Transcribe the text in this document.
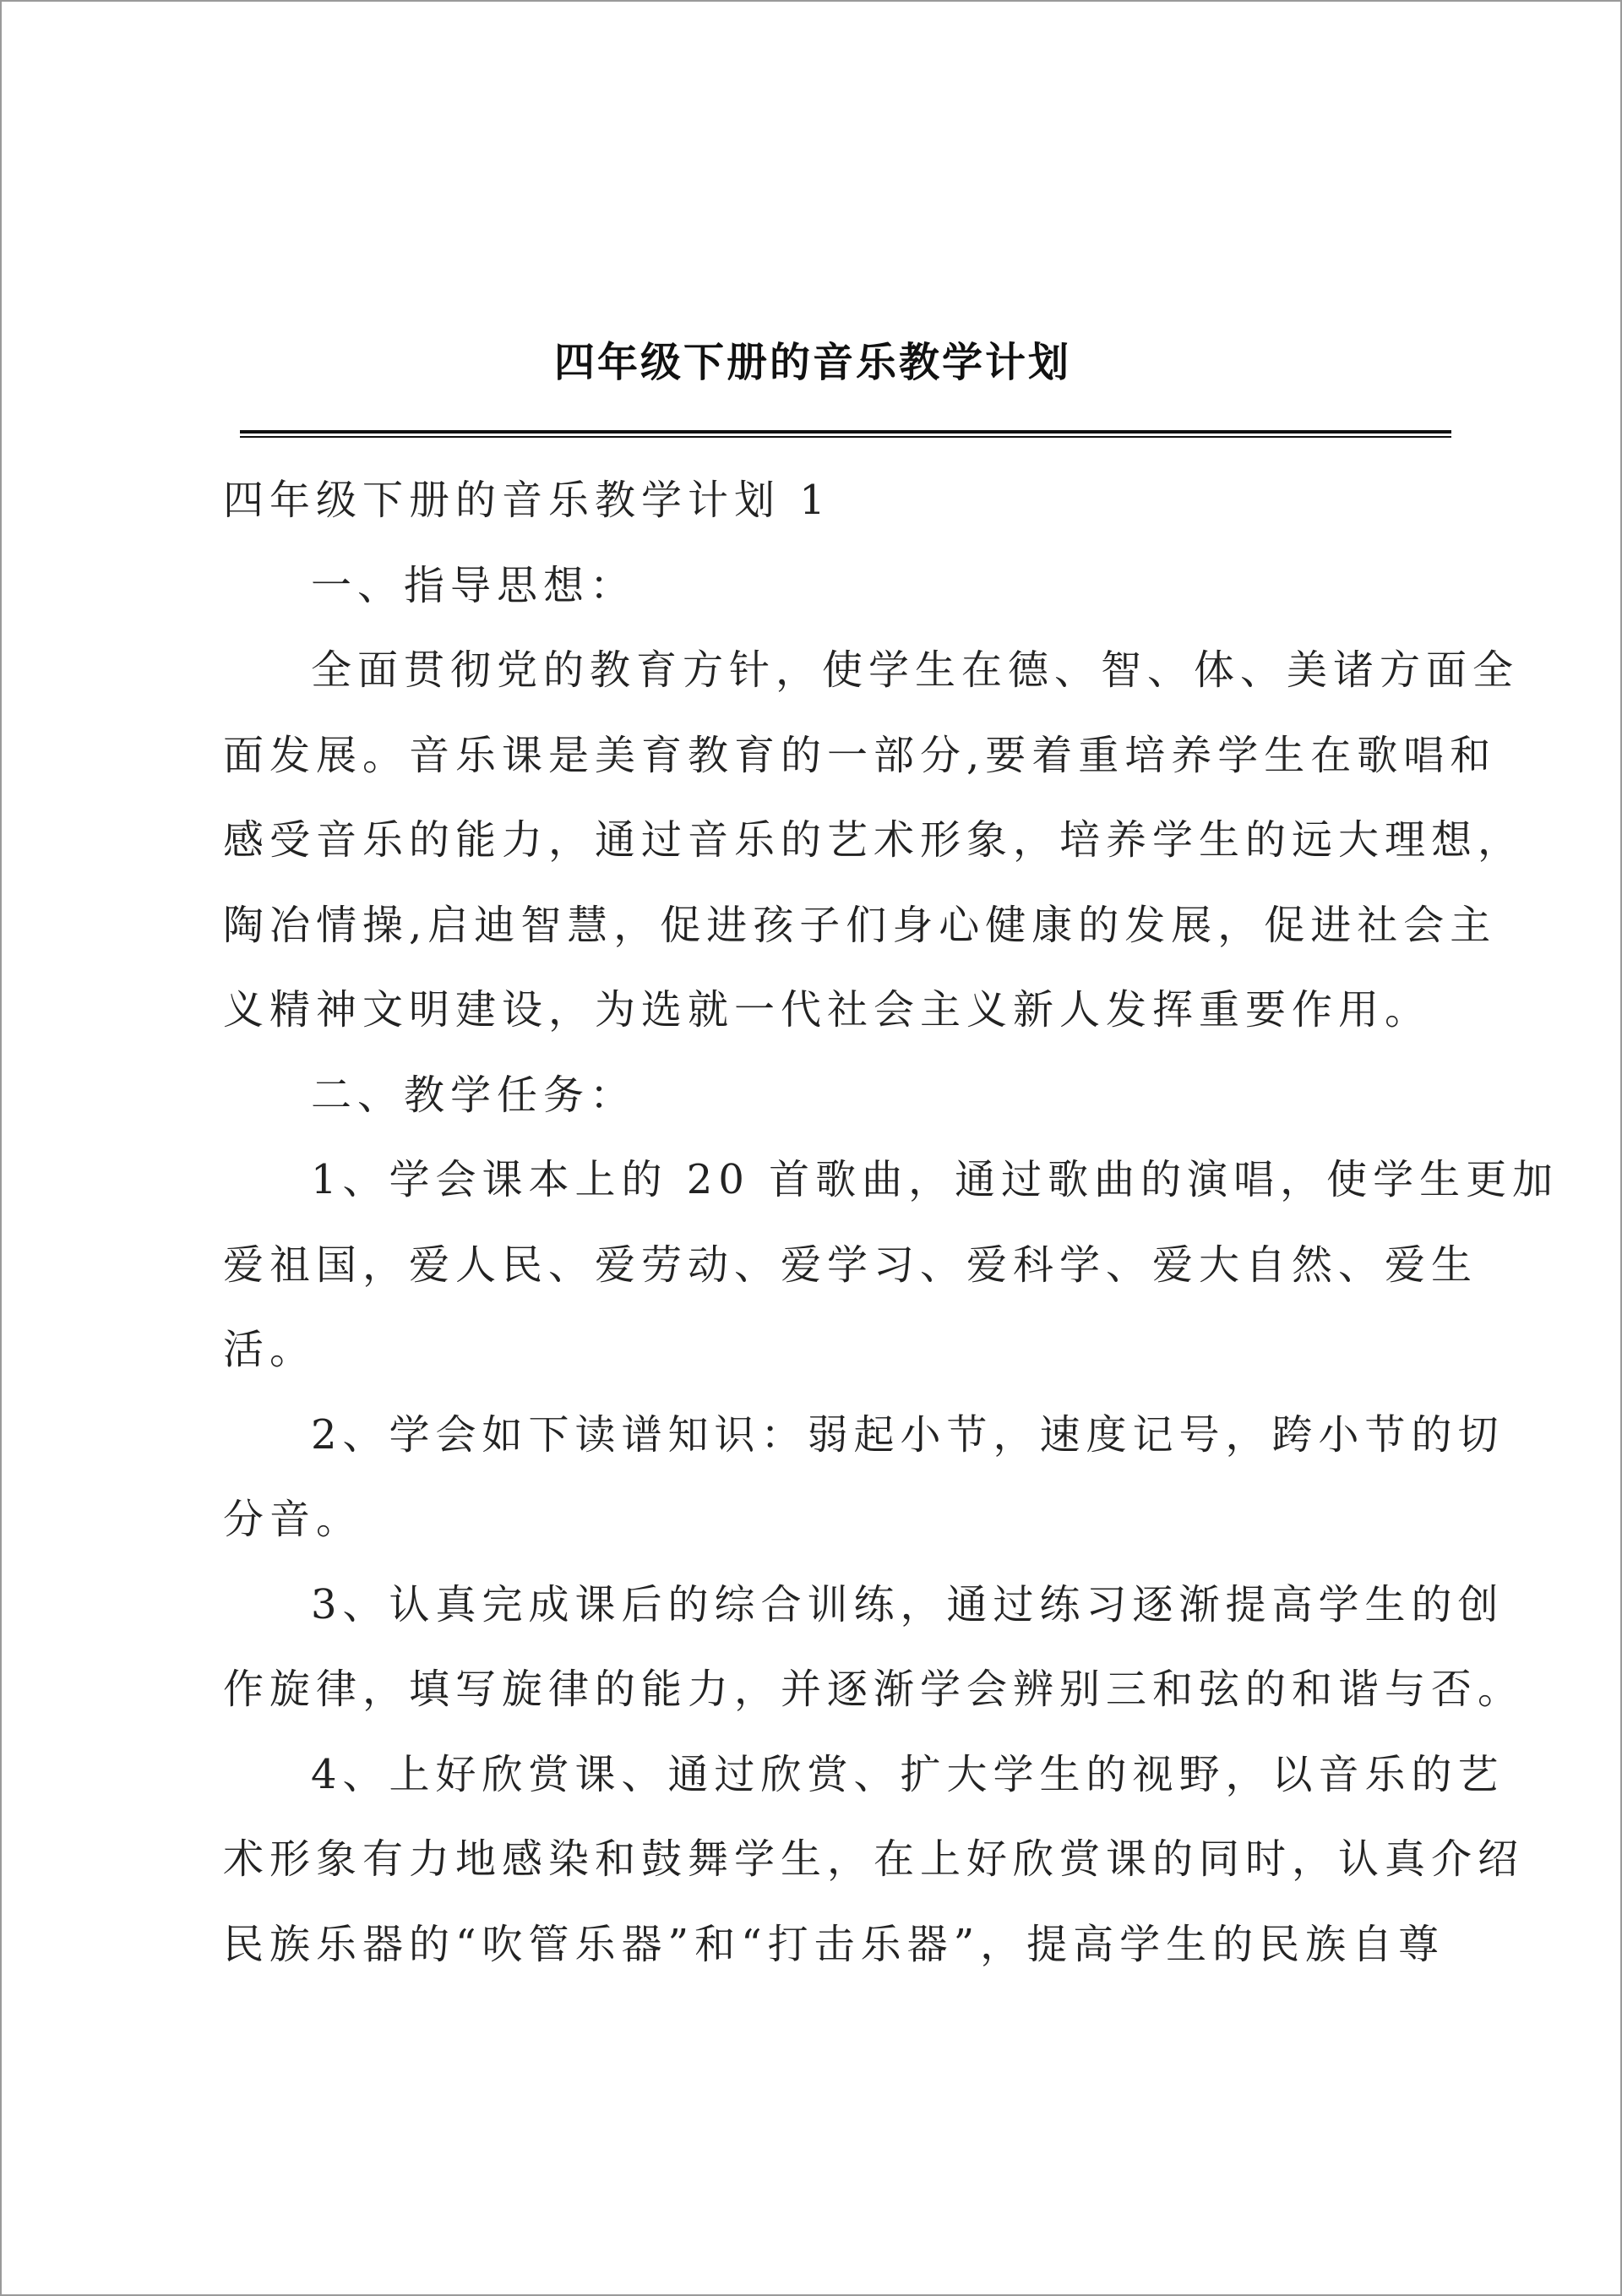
四年级下册的音乐教学计划
四年级下册的音乐教学计划 1
一、指导思想：
全面贯彻党的教育方针，使学生在德、智、体、美诸方面全
面发展。音乐课是美育教育的一部分,要着重培养学生在歌唱和
感受音乐的能力，通过音乐的艺术形象，培养学生的远大理想，
陶冶情操,启迪智慧，促进孩子们身心健康的发展，促进社会主
义精神文明建设，为选就一代社会主义新人发挥重要作用。
二、教学任务：
1、学会课本上的 20 首歌曲，通过歌曲的演唱，使学生更加
爱祖国，爱人民、爱劳动、爱学习、爱科学、爱大自然、爱生
活。
2、学会如下读谱知识：弱起小节，速度记号，跨小节的切
分音。
3、认真完成课后的综合训练，通过练习逐渐提高学生的创
作旋律，填写旋律的能力，并逐渐学会辨别三和弦的和谐与否。
4、上好欣赏课、通过欣赏、扩大学生的视野，以音乐的艺
术形象有力地感染和鼓舞学生，在上好欣赏课的同时，认真介绍
民族乐器的“吹管乐器”和“打击乐器”，提高学生的民族自尊
